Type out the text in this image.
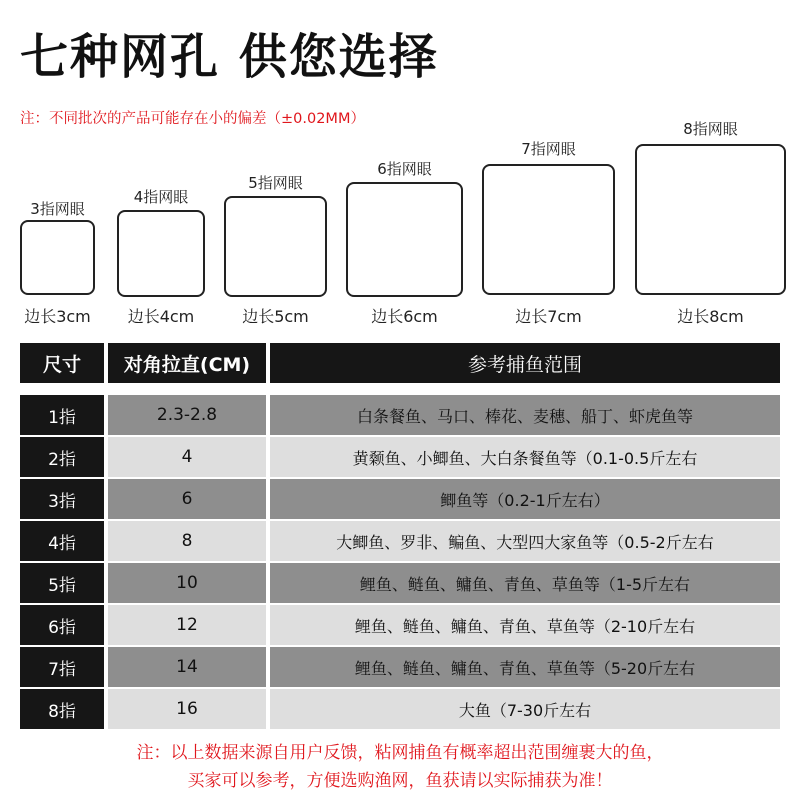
七种网孔 供您选择
注：不同批次的产品可能存在小的偏差（±0.02MM）
3指网眼
边长3cm
4指网眼
边长4cm
5指网眼
边长5cm
6指网眼
边长6cm
7指网眼
边长7cm
8指网眼
边长8cm
尺寸	对角拉直(CM)	参考捕鱼范围
1指	2.3-2.8	白条餐鱼、马口、棒花、麦穗、船丁、虾虎鱼等
2指	4	黄颡鱼、小鲫鱼、大白条餐鱼等（0.1-0.5斤左右
3指	6	鲫鱼等（0.2-1斤左右）
4指	8	大鲫鱼、罗非、鳊鱼、大型四大家鱼等（0.5-2斤左右
5指	10	鲤鱼、鲢鱼、鳙鱼、青鱼、草鱼等（1-5斤左右
6指	12	鲤鱼、鲢鱼、鳙鱼、青鱼、草鱼等（2-10斤左右
7指	14	鲤鱼、鲢鱼、鳙鱼、青鱼、草鱼等（5-20斤左右
8指	16	大鱼（7-30斤左右
注：以上数据来源自用户反馈，粘网捕鱼有概率超出范围缠裹大的鱼，
买家可以参考，方便选购渔网，鱼获请以实际捕获为准！
